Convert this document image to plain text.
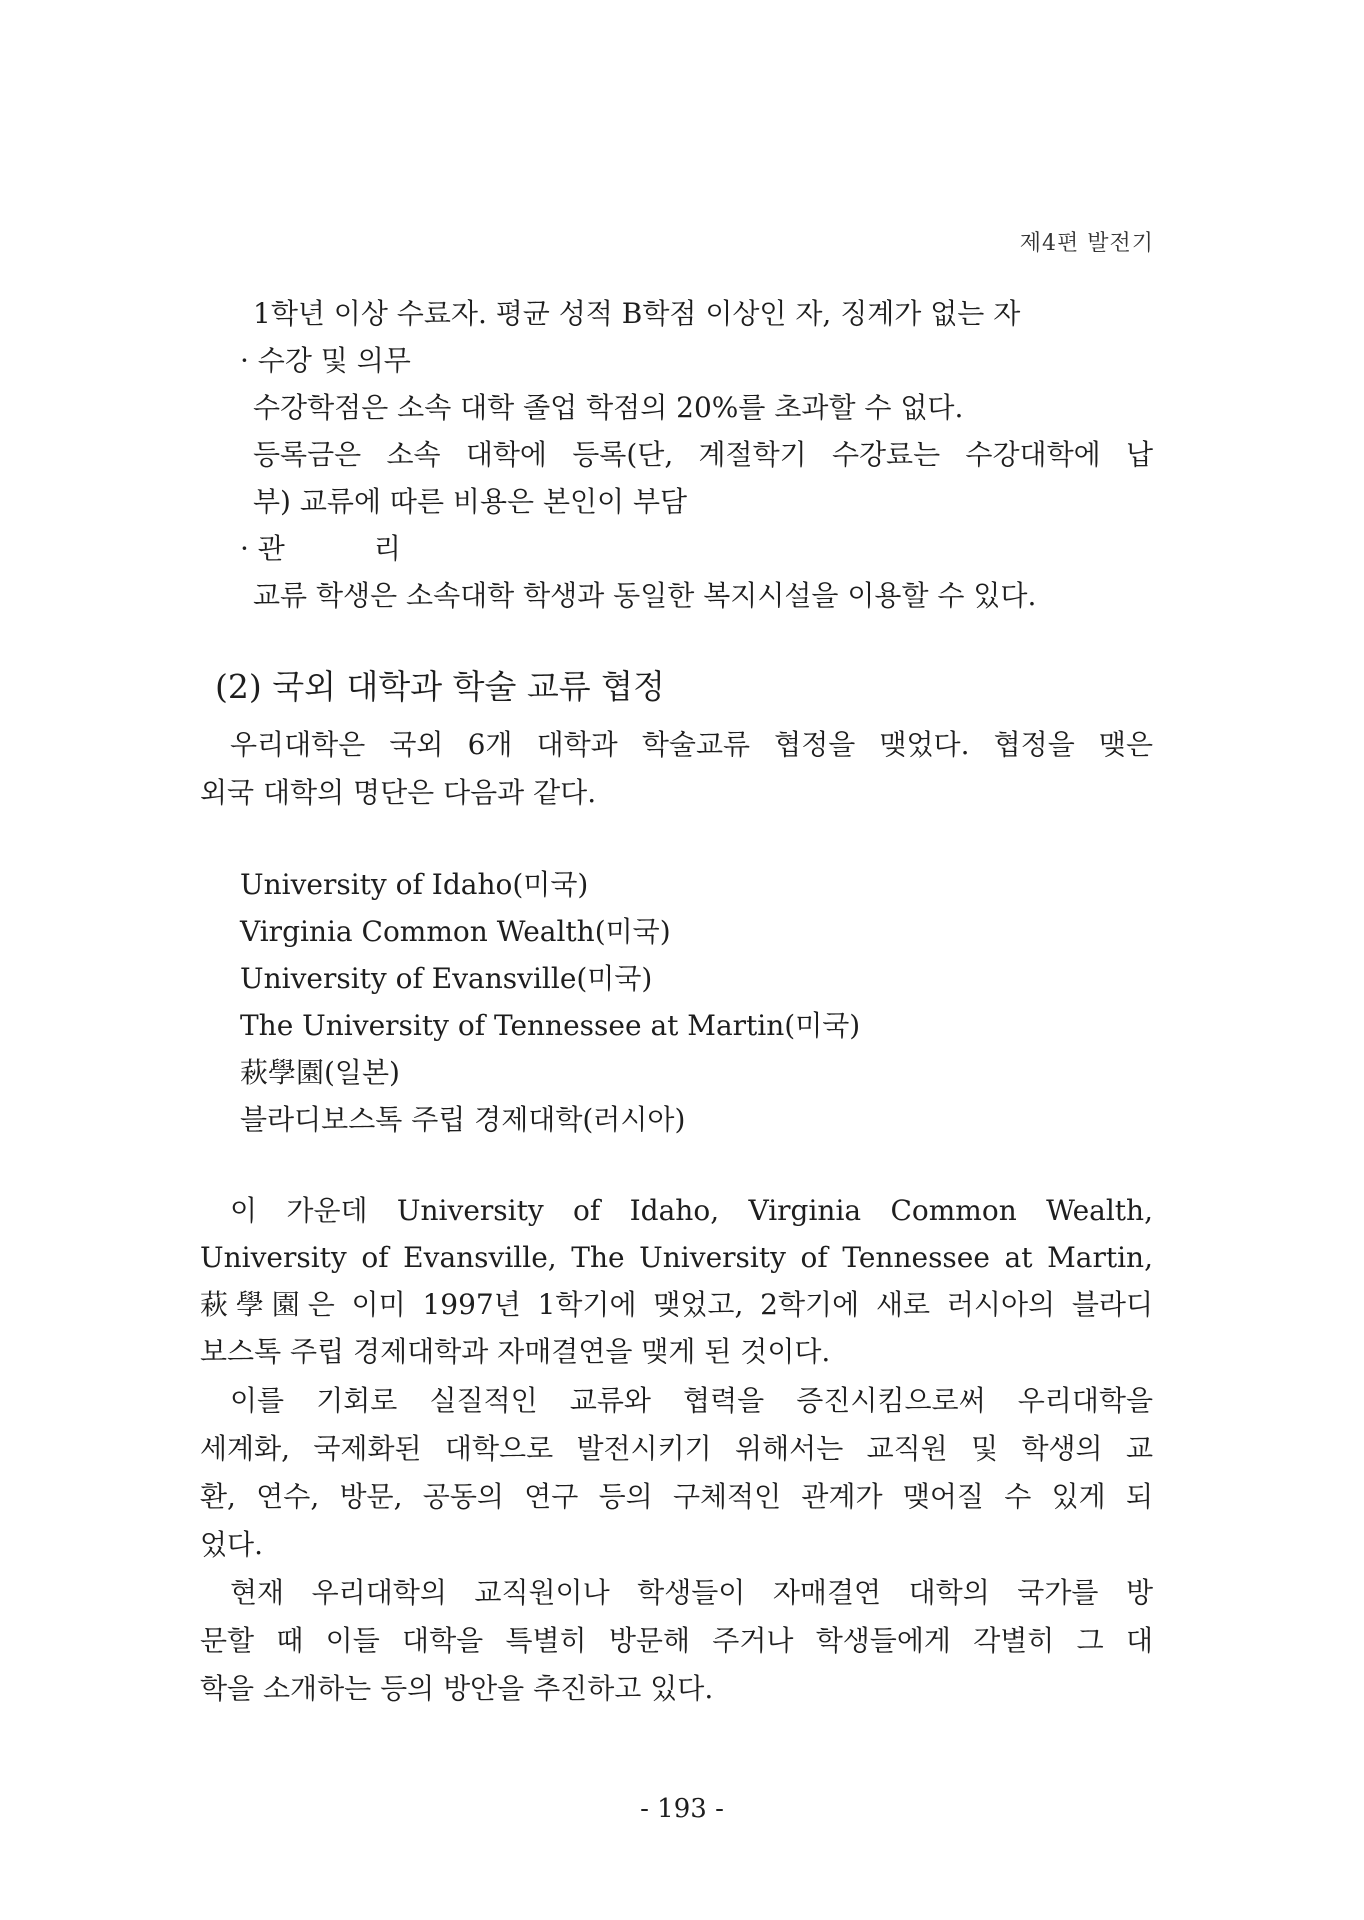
제4편 발전기
1학년 이상 수료자. 평균 성적 B학점 이상인 자, 징계가 없는 자
· 수강 및 의무
수강학점은 소속 대학 졸업 학점의 20%를 초과할 수 없다.
등록금은 소속 대학에 등록(단, 계절학기 수강료는 수강대학에 납
부) 교류에 따른 비용은 본인이 부담
· 관          리
교류 학생은 소속대학 학생과 동일한 복지시설을 이용할 수 있다.
(2) 국외 대학과 학술 교류 협정
우리대학은 국외 6개 대학과 학술교류 협정을 맺었다. 협정을 맺은
외국 대학의 명단은 다음과 같다.
University of Idaho(미국)
Virginia Common Wealth(미국)
University of Evansville(미국)
The University of Tennessee at Martin(미국)
萩學園(일본)
블라디보스톡 주립 경제대학(러시아)
이 가운데 University of Idaho, Virginia Common Wealth,
University of Evansville, The University of Tennessee at Martin,
萩學園은 이미 1997년 1학기에 맺었고, 2학기에 새로 러시아의 블라디
보스톡 주립 경제대학과 자매결연을 맺게 된 것이다.
이를 기회로 실질적인 교류와 협력을 증진시킴으로써 우리대학을
세계화, 국제화된 대학으로 발전시키기 위해서는 교직원 및 학생의 교
환, 연수, 방문, 공동의 연구 등의 구체적인 관계가 맺어질 수 있게 되
었다.
현재 우리대학의 교직원이나 학생들이 자매결연 대학의 국가를 방
문할 때 이들 대학을 특별히 방문해 주거나 학생들에게 각별히 그 대
학을 소개하는 등의 방안을 추진하고 있다.
- 193 -
